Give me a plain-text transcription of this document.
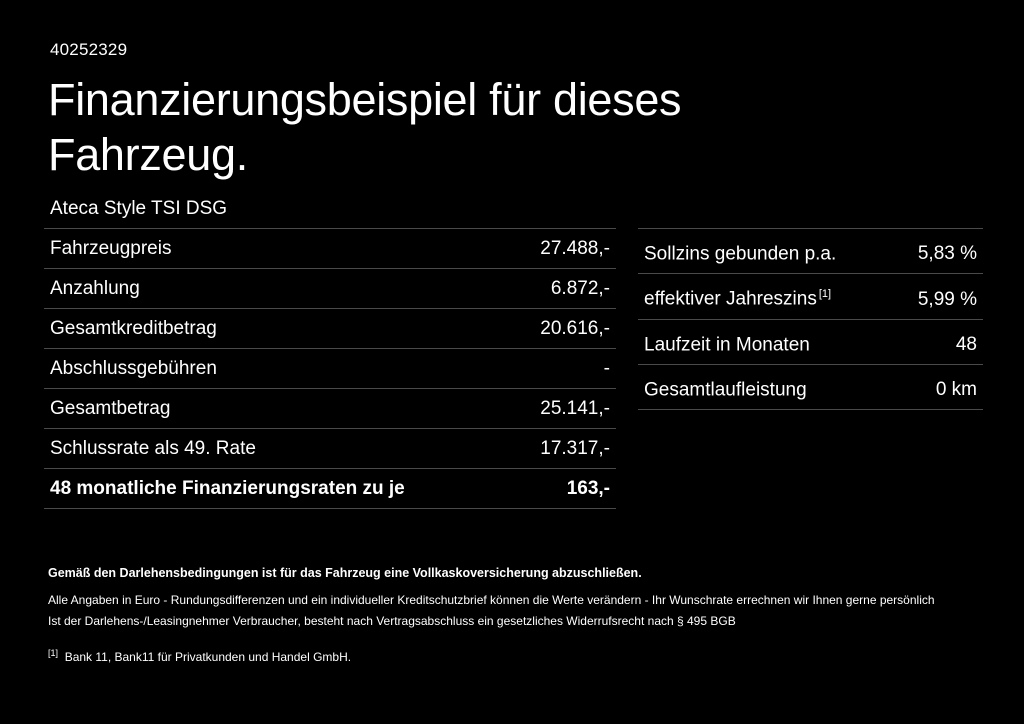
40252329
Finanzierungsbeispiel für dieses Fahrzeug.
Ateca Style TSI DSG
Fahrzeugpreis	27.488,-
Anzahlung	6.872,-
Gesamtkreditbetrag	20.616,-
Abschlussgebühren	-
Gesamtbetrag	25.141,-
Schlussrate als 49. Rate	17.317,-
48 monatliche Finanzierungsraten zu je	163,-
Sollzins gebunden p.a.	5,83 %
effektiver Jahreszins [1]	5,99 %
Laufzeit in Monaten	48
Gesamtlaufleistung	0 km
Gemäß den Darlehensbedingungen ist für das Fahrzeug eine Vollkaskoversicherung abzuschließen.
Alle Angaben in Euro - Rundungsdifferenzen und ein individueller Kreditschutzbrief können die Werte verändern - Ihr Wunschrate errechnen wir Ihnen gerne persönlich
Ist der Darlehens-/Leasingnehmer Verbraucher, besteht nach Vertragsabschluss ein gesetzliches Widerrufsrecht nach § 495 BGB
[1] Bank 11, Bank11 für Privatkunden und Handel GmbH.
